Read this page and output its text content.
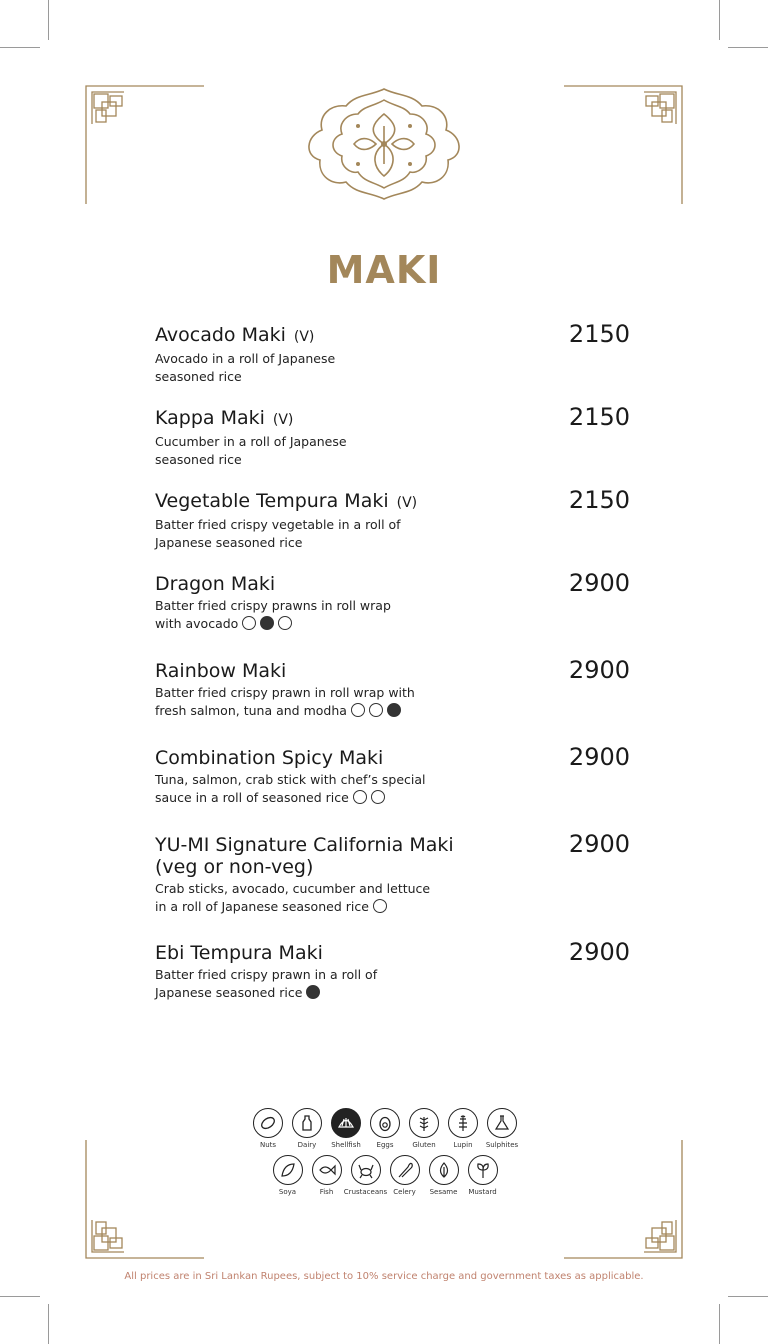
MAKI
Avocado Maki (V)
Avocado in a roll of Japanese
seasoned rice
2150
Kappa Maki (V)
Cucumber in a roll of Japanese
seasoned rice
2150
Vegetable Tempura Maki (V)
Batter fried crispy vegetable in a roll of
Japanese seasoned rice
2150
Dragon Maki
Batter fried crispy prawns in roll wrap
with avocado
2900
Rainbow Maki
Batter fried crispy prawn in roll wrap with
fresh salmon, tuna and modha
2900
Combination Spicy Maki
Tuna, salmon, crab stick with chef’s special
sauce in a roll of seasoned rice
2900
YU-MI Signature California Maki
(veg or non-veg)
Crab sticks, avocado, cucumber and lettuce
in a roll of Japanese seasoned rice
2900
Ebi Tempura Maki
Batter fried crispy prawn in a roll of
Japanese seasoned rice
2900
Nuts	Dairy Shellfish Eggs	Gluten	Lupin Sulphites
Soya	Fish Crustaceans Celery Sesame Mustard
All prices are in Sri Lankan Rupees, subject to 10% service charge and government taxes as applicable.
